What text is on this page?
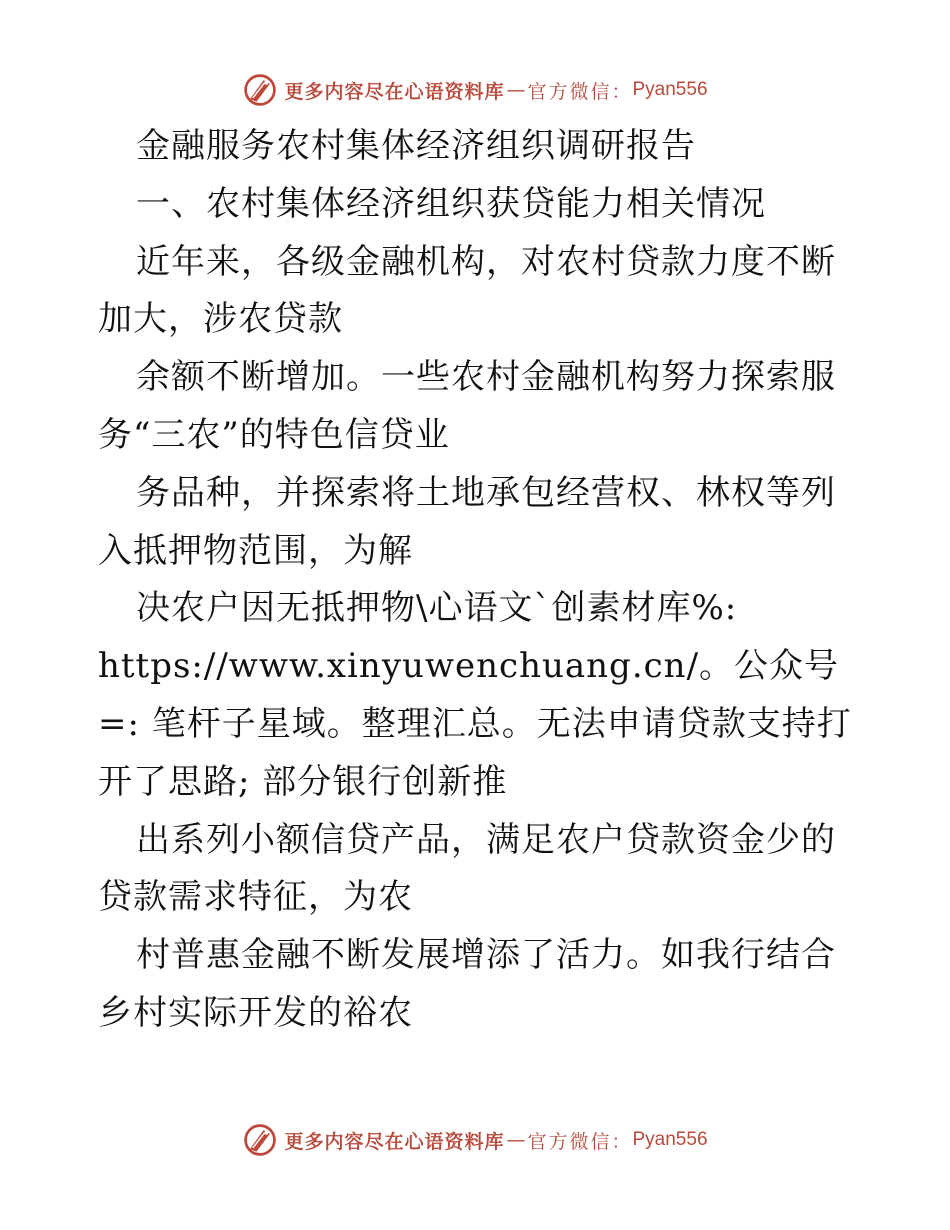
更多内容尽在心语资料库 — 官方微信： Pyan556

金融服务农村集体经济组织调研报告

一、农村集体经济组织获贷能力相关情况

近年来，各级金融机构，对农村贷款力度不断加大，涉农贷款

余额不断增加。一些农村金融机构努力探索服务“三农”的特色信贷业

务品种，并探索将土地承包经营权、林权等列入抵押物范围，为解

决农户因无抵押物\心语文`创素材库%:

https://www.xinyuwenchuang.cn/。公众号=: 笔杆子星域。整理汇总。无法申请贷款支持打开了思路; 部分银行创新推

出系列小额信贷产品，满足农户贷款资金少的贷款需求特征，为农

村普惠金融不断发展增添了活力。如我行结合乡村实际开发的裕农

更多内容尽在心语资料库 — 官方微信： Pyan556
